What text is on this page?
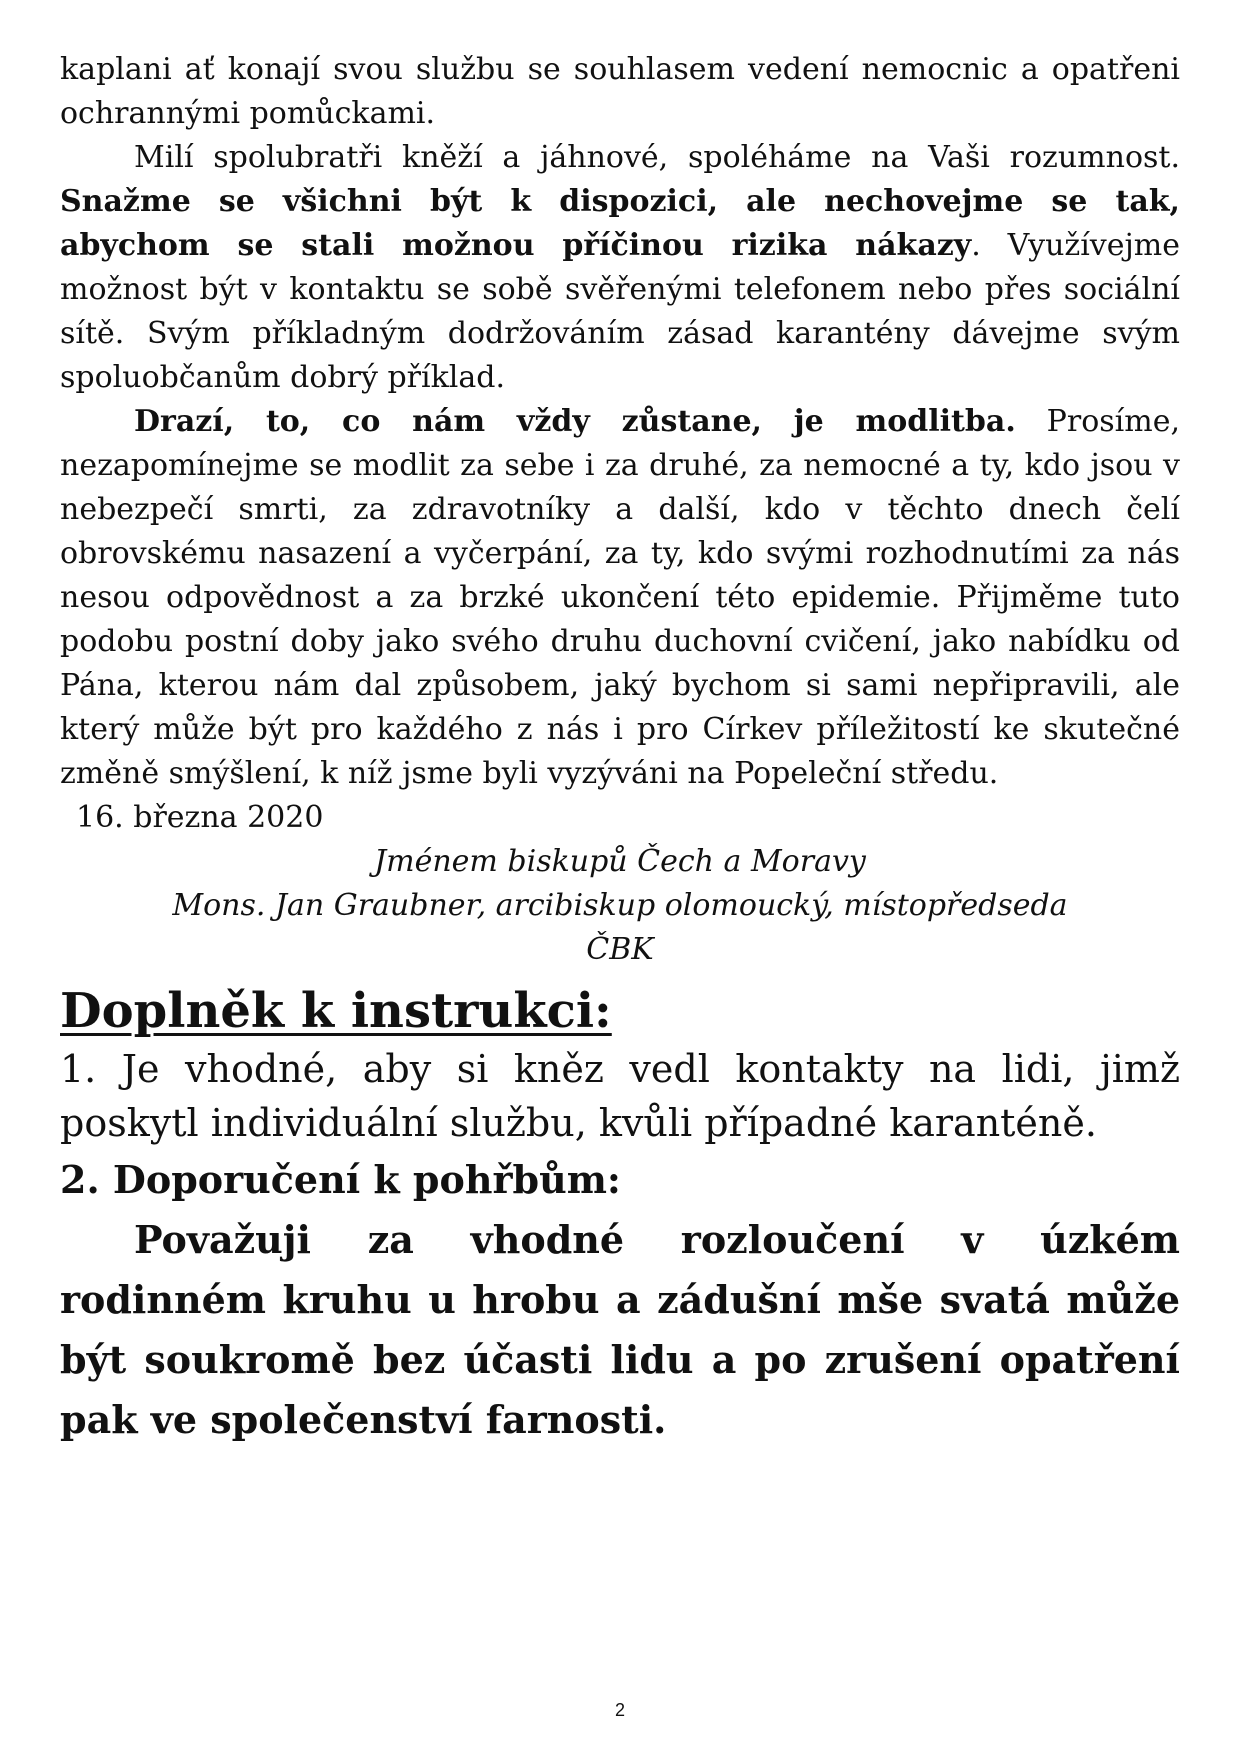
kaplani ať konají svou službu se souhlasem vedení nemocnic a opatřeni ochrannými pomůckami.

Milí spolubratři kněží a jáhnové, spoléháme na Vaši rozumnost. Snažme se všichni být k dispozici, ale nechovejme se tak, abychom se stali možnou příčinou rizika nákazy. Využívejme možnost být v kontaktu se sobě svěřenými telefonem nebo přes sociální sítě. Svým příkladným dodržováním zásad karantény dávejme svým spoluobčanům dobrý příklad.

Drazí, to, co nám vždy zůstane, je modlitba. Prosíme, nezapomínejme se modlit za sebe i za druhé, za nemocné a ty, kdo jsou v nebezpečí smrti, za zdravotníky a další, kdo v těchto dnech čelí obrovskému nasazení a vyčerpání, za ty, kdo svými rozhodnutími za nás nesou odpovědnost a za brzké ukončení této epidemie. Přijměme tuto podobu postní doby jako svého druhu duchovní cvičení, jako nabídku od Pána, kterou nám dal způsobem, jaký bychom si sami nepřipravili, ale který může být pro každého z nás i pro Církev příležitostí ke skutečné změně smýšlení, k níž jsme byli vyzýváni na Popeleční středu.

16. března 2020

Jménem biskupů Čech a Moravy

Mons. Jan Graubner, arcibiskup olomoucký, místopředseda

ČBK

Doplněk k instrukci:

1. Je vhodné, aby si kněz vedl kontakty na lidi, jimž poskytl individuální službu, kvůli případné karanténě.

2. Doporučení k pohřbům:

Považuji za vhodné rozloučení v úzkém rodinném kruhu u hrobu a zádušní mše svatá může být soukromě bez účasti lidu a po zrušení opatření pak ve společenství farnosti.

2
